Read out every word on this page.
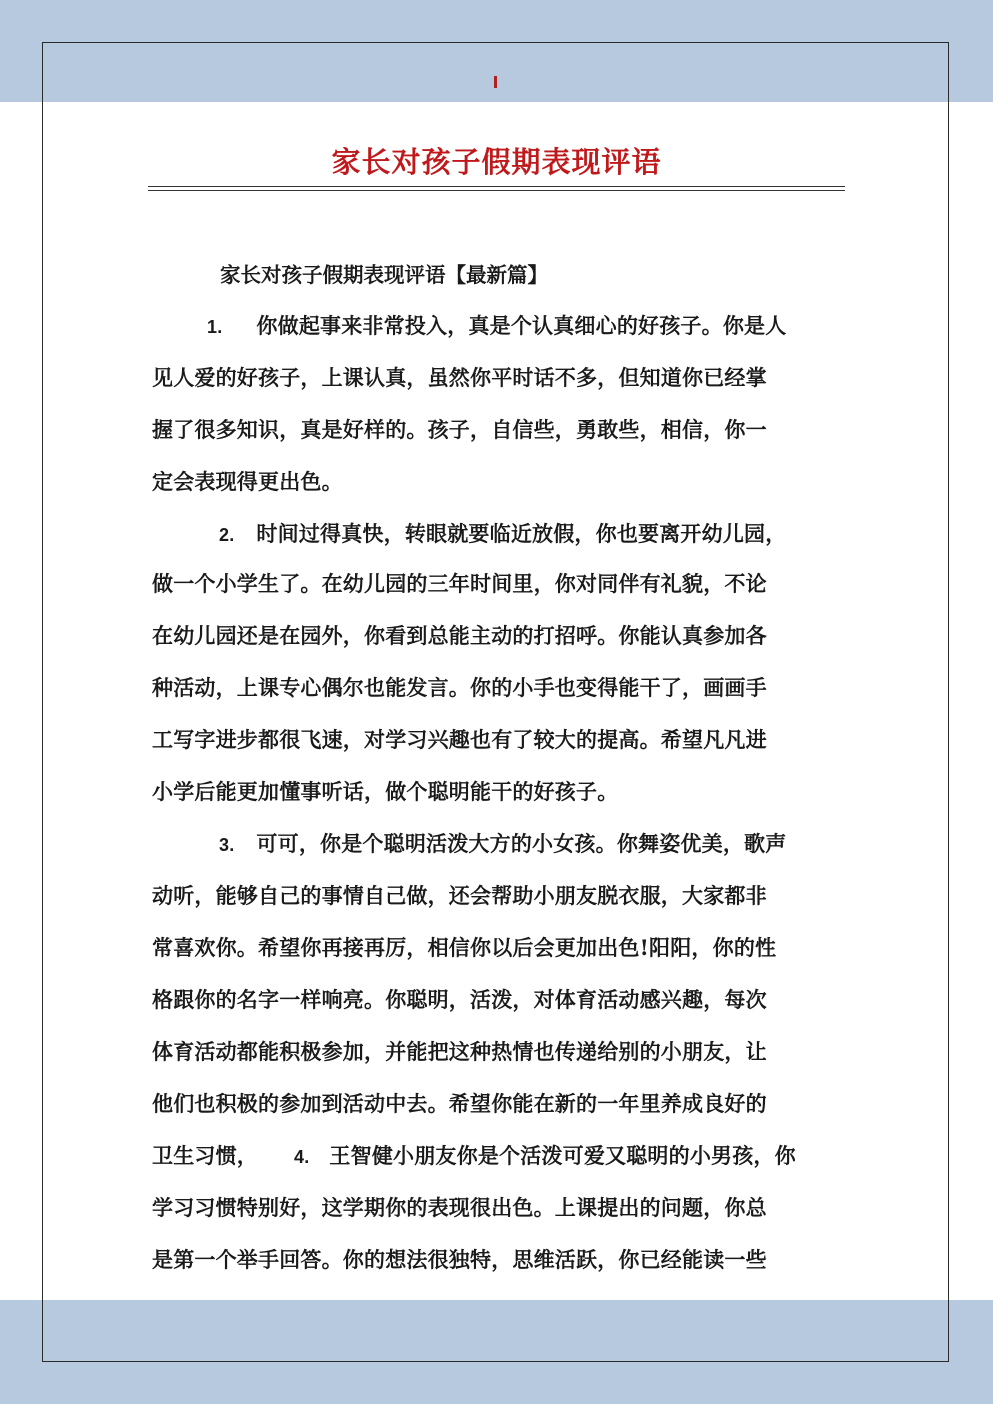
家长对孩子假期表现评语
家长对孩子假期表现评语【最新篇】
1. 你做起事来非常投入，真是个认真细心的好孩子。你是人
见人爱的好孩子，上课认真，虽然你平时话不多，但知道你已经掌
握了很多知识，真是好样的。孩子，自信些，勇敢些，相信，你一
定会表现得更出色。
2. 时间过得真快，转眼就要临近放假，你也要离开幼儿园，
做一个小学生了。在幼儿园的三年时间里，你对同伴有礼貌，不论
在幼儿园还是在园外，你看到总能主动的打招呼。你能认真参加各
种活动，上课专心偶尔也能发言。你的小手也变得能干了，画画手
工写字进步都很飞速，对学习兴趣也有了较大的提高。希望凡凡进
小学后能更加懂事听话，做个聪明能干的好孩子。
3. 可可，你是个聪明活泼大方的小女孩。你舞姿优美，歌声
动听，能够自己的事情自己做，还会帮助小朋友脱衣服，大家都非
常喜欢你。希望你再接再厉，相信你以后会更加出色!阳阳，你的性
格跟你的名字一样响亮。你聪明，活泼，对体育活动感兴趣，每次
体育活动都能积极参加，并能把这种热情也传递给别的小朋友，让
他们也积极的参加到活动中去。希望你能在新的一年里养成良好的
卫生习惯， 4. 王智健小朋友你是个活泼可爱又聪明的小男孩，你
学习习惯特别好，这学期你的表现很出色。上课提出的问题，你总
是第一个举手回答。你的想法很独特，思维活跃，你已经能读一些
